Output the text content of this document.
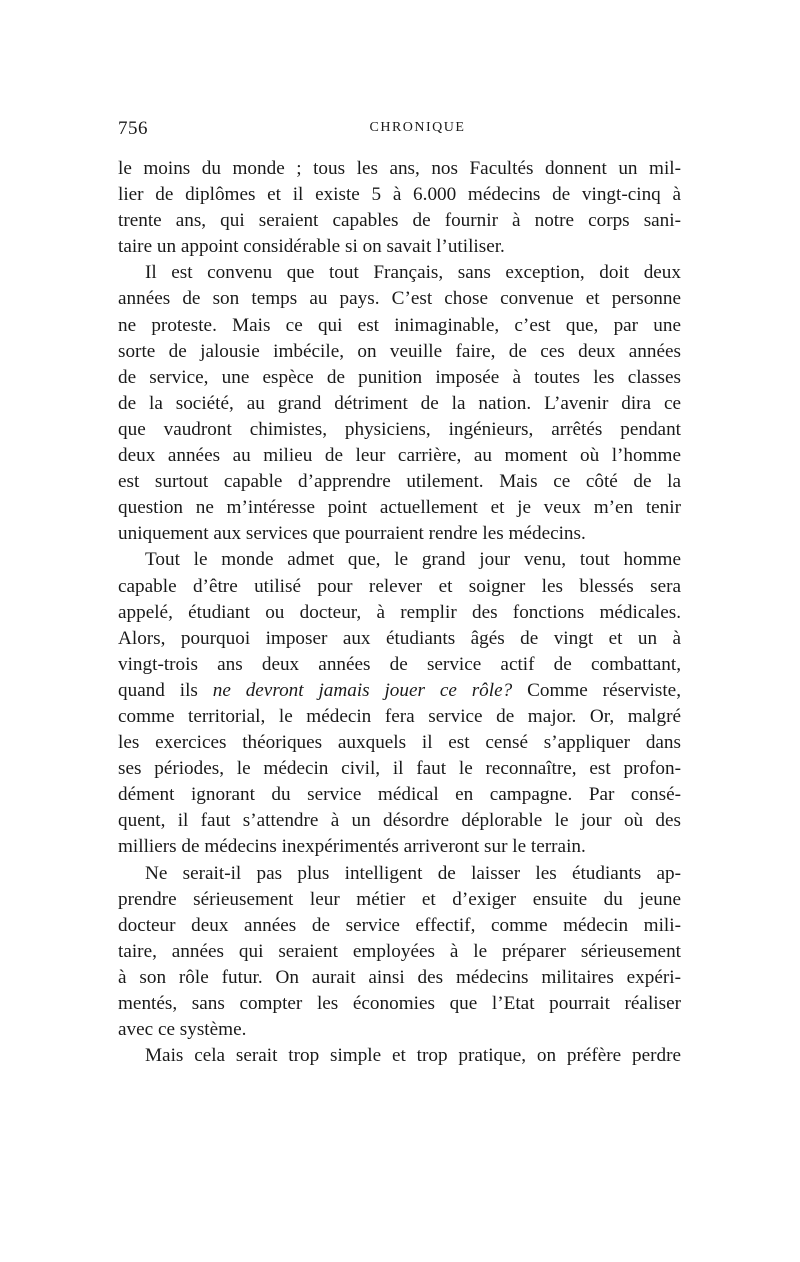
756	CHRONIQUE
le moins du monde ; tous les ans, nos Facultés donnent un mil-
lier de diplômes et il existe 5 à 6.000 médecins de vingt-cinq à
trente ans, qui seraient capables de fournir à notre corps sani-
taire un appoint considérable si on savait l’utiliser.
Il est convenu que tout Français, sans exception, doit deux
années de son temps au pays. C’est chose convenue et personne
ne proteste. Mais ce qui est inimaginable, c’est que, par une
sorte de jalousie imbécile, on veuille faire, de ces deux années
de service, une espèce de punition imposée à toutes les classes
de la société, au grand détriment de la nation. L’avenir dira ce
que vaudront chimistes, physiciens, ingénieurs, arrêtés pendant
deux années au milieu de leur carrière, au moment où l’homme
est surtout capable d’apprendre utilement. Mais ce côté de la
question ne m’intéresse point actuellement et je veux m’en tenir
uniquement aux services que pourraient rendre les médecins.
Tout le monde admet que, le grand jour venu, tout homme
capable d’être utilisé pour relever et soigner les blessés sera
appelé, étudiant ou docteur, à remplir des fonctions médicales.
Alors, pourquoi imposer aux étudiants âgés de vingt et un à
vingt-trois ans deux années de service actif de combattant,
quand ils ne devront jamais jouer ce rôle? Comme réserviste,
comme territorial, le médecin fera service de major. Or, malgré
les exercices théoriques auxquels il est censé s’appliquer dans
ses périodes, le médecin civil, il faut le reconnaître, est profon-
dément ignorant du service médical en campagne. Par consé-
quent, il faut s’attendre à un désordre déplorable le jour où des
milliers de médecins inexpérimentés arriveront sur le terrain.
Ne serait-il pas plus intelligent de laisser les étudiants ap-
prendre sérieusement leur métier et d’exiger ensuite du jeune
docteur deux années de service effectif, comme médecin mili-
taire, années qui seraient employées à le préparer sérieusement
à son rôle futur. On aurait ainsi des médecins militaires expéri-
mentés, sans compter les économies que l’Etat pourrait réaliser
avec ce système.
Mais cela serait trop simple et trop pratique, on préfère perdre
